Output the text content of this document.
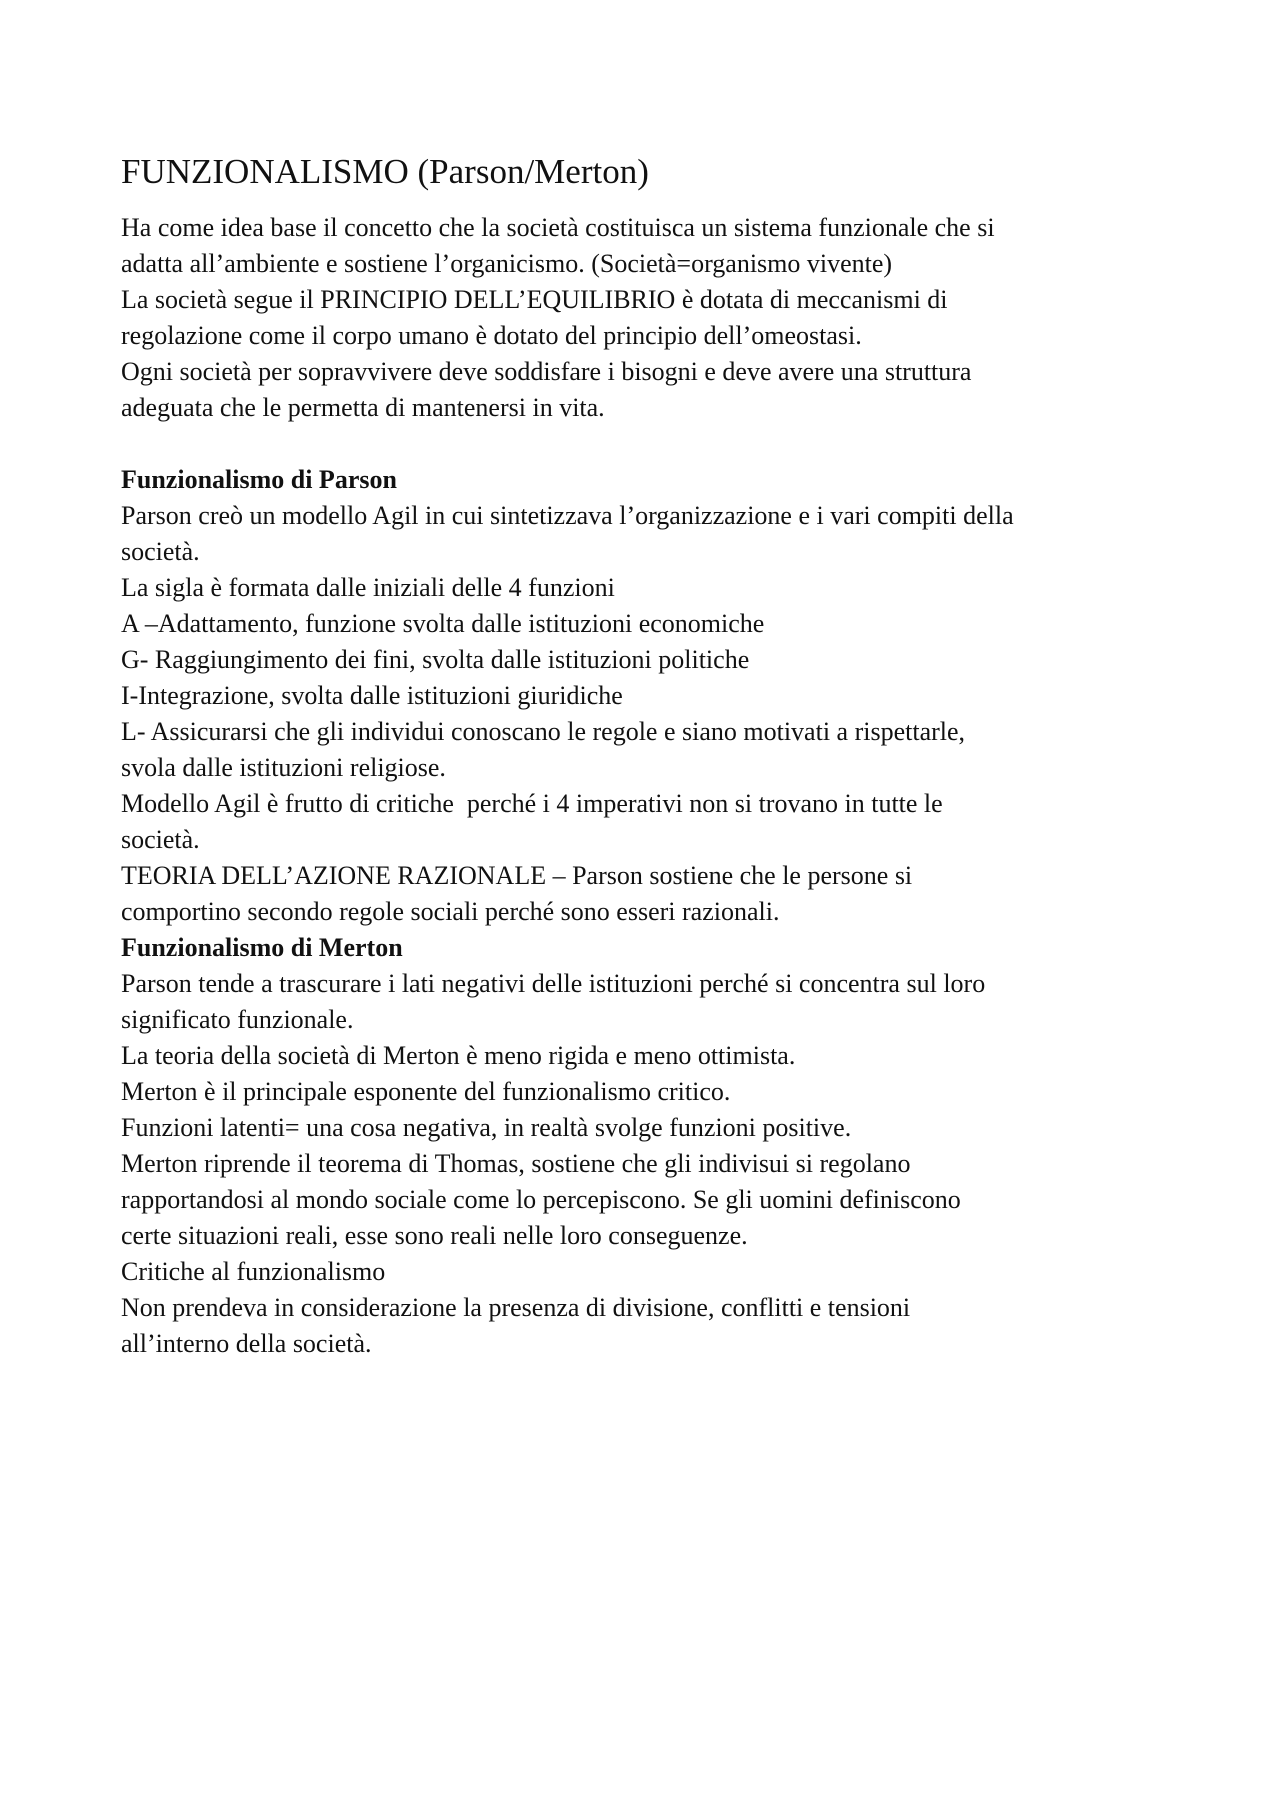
FUNZIONALISMO (Parson/Merton)

Ha come idea base il concetto che la società costituisca un sistema funzionale che si

adatta all’ambiente e sostiene l’organicismo. (Società=organismo vivente)

La società segue il PRINCIPIO DELL’EQUILIBRIO è dotata di meccanismi di

regolazione come il corpo umano è dotato del principio dell’omeostasi.

Ogni società per sopravvivere deve soddisfare i bisogni e deve avere una struttura

adeguata che le permetta di mantenersi in vita.

Funzionalismo di Parson

Parson creò un modello Agil in cui sintetizzava l’organizzazione e i vari compiti della

società.

La sigla è formata dalle iniziali delle 4 funzioni

A –Adattamento, funzione svolta dalle istituzioni economiche

G- Raggiungimento dei fini, svolta dalle istituzioni politiche

I-Integrazione, svolta dalle istituzioni giuridiche

L- Assicurarsi che gli individui conoscano le regole e siano motivati a rispettarle,

svola dalle istituzioni religiose.

Modello Agil è frutto di critiche  perché i 4 imperativi non si trovano in tutte le

società.

TEORIA DELL’AZIONE RAZIONALE – Parson sostiene che le persone si

comportino secondo regole sociali perché sono esseri razionali.

Funzionalismo di Merton

Parson tende a trascurare i lati negativi delle istituzioni perché si concentra sul loro

significato funzionale.

La teoria della società di Merton è meno rigida e meno ottimista.

Merton è il principale esponente del funzionalismo critico.

Funzioni latenti= una cosa negativa, in realtà svolge funzioni positive.

Merton riprende il teorema di Thomas, sostiene che gli indivisui si regolano

rapportandosi al mondo sociale come lo percepiscono. Se gli uomini definiscono

certe situazioni reali, esse sono reali nelle loro conseguenze.

Critiche al funzionalismo

Non prendeva in considerazione la presenza di divisione, conflitti e tensioni

all’interno della società.
